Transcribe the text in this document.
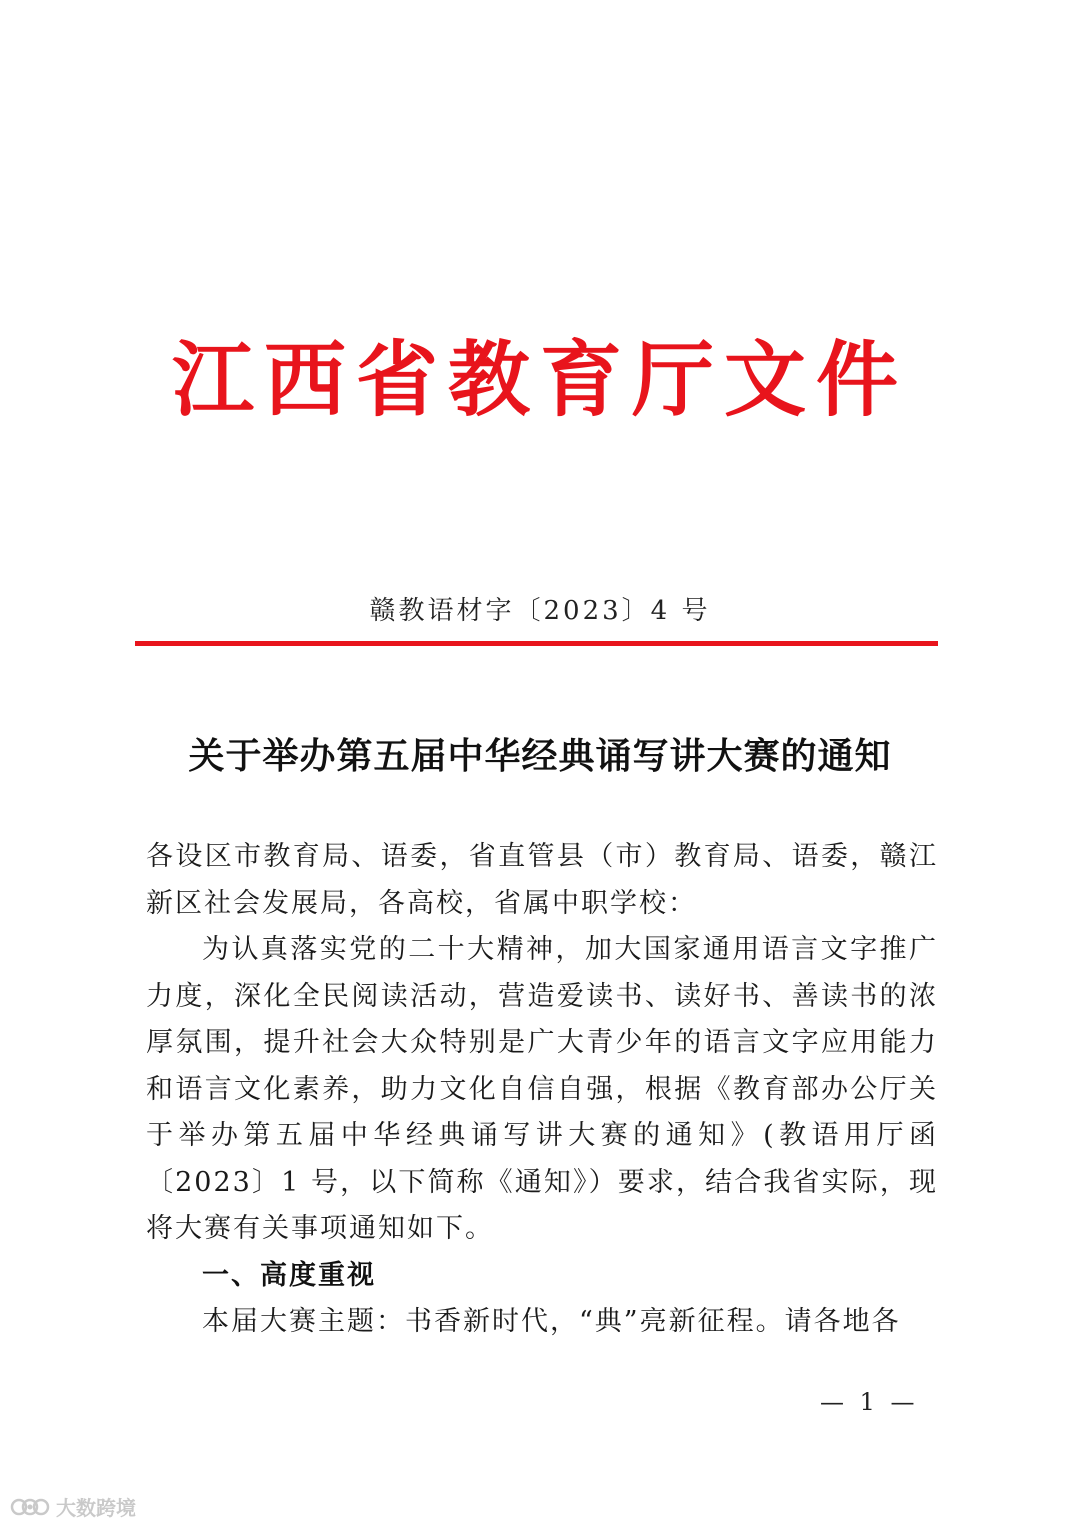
江西省教育厅文件
赣教语材字〔2023〕4 号
关于举办第五届中华经典诵写讲大赛的通知

各设区市教育局、语委，省直管县（市）教育局、语委，赣江新区社会发展局，各高校，省属中职学校：

为认真落实党的二十大精神，加大国家通用语言文字推广力度，深化全民阅读活动，营造爱读书、读好书、善读书的浓厚氛围，提升社会大众特别是广大青少年的语言文字应用能力和语言文化素养，助力文化自信自强，根据《教育部办公厅关于举办第五届中华经典诵写讲大赛的通知》(教语用厅函〔2023〕1 号，以下简称《通知》）要求，结合我省实际，现将大赛有关事项通知如下。

一、高度重视

本届大赛主题：书香新时代，“典”亮新征程。请各地各

— 1 —
大数跨境
